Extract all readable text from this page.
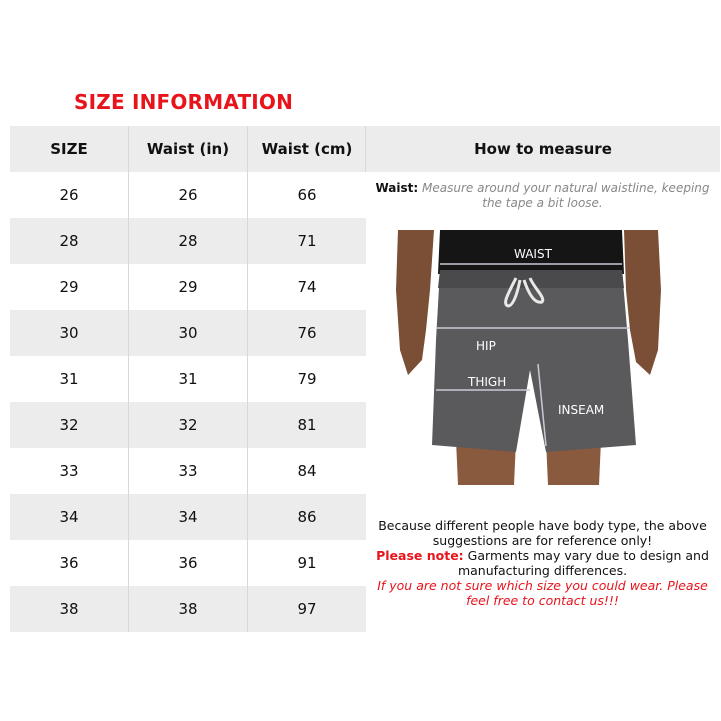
SIZE INFORMATION
SIZE	Waist (in)	Waist (cm)
26	26	66
28	28	71
29	29	74
30	30	76
31	31	79
32	32	81
33	33	84
34	34	86
36	36	91
38	38	97
How to measure
Waist: Measure around your natural waistline, keeping the tape a bit loose.
WAIST
HIP
THIGH
INSEAM
Because different people have body type, the above suggestions are for reference only!
Please note: Garments may vary due to design and manufacturing differences.
If you are not sure which size you could wear. Please feel free to contact us!!!
